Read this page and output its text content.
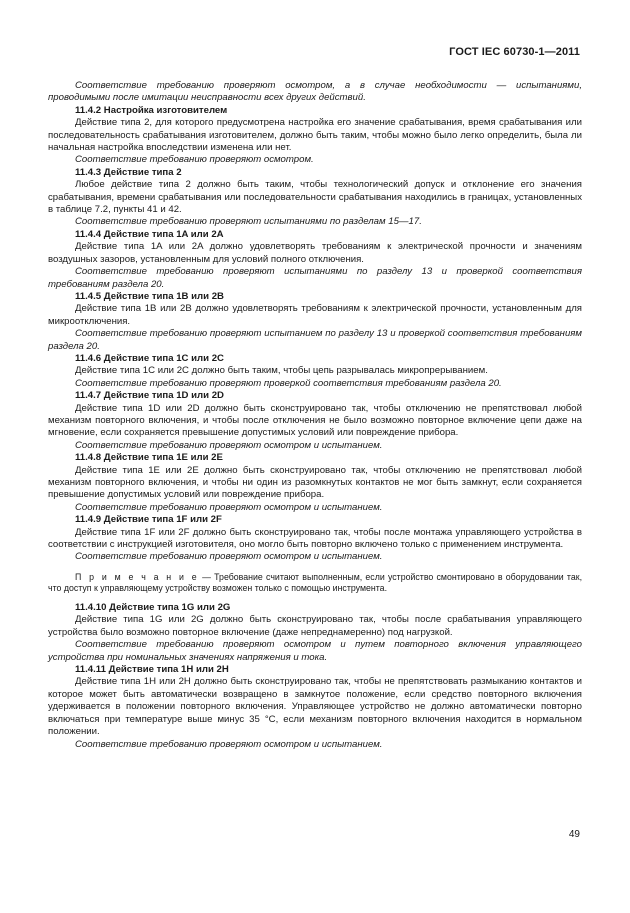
ГОСТ IEC 60730-1—2011

Соответствие требованию проверяют осмотром, а в случае необходимости — испытаниями, проводимыми после имитации неисправности всех других действий.

11.4.2 Настройка изготовителем

Действие типа 2, для которого предусмотрена настройка его значение срабатывания, время срабатывания или последовательность срабатывания изготовителем, должно быть таким, чтобы можно было легко определить, была ли начальная настройка впоследствии изменена или нет.

Соответствие требованию проверяют осмотром.

11.4.3 Действие типа 2

Любое действие типа 2 должно быть таким, чтобы технологический допуск и отклонение его значения срабатывания, времени срабатывания или последовательности срабатывания находились в границах, установленных в таблице 7.2, пункты 41 и 42.

Соответствие требованию проверяют испытаниями по разделам 15—17.

11.4.4 Действие типа 1A или 2A

Действие типа 1A или 2A должно удовлетворять требованиям к электрической прочности и значениям воздушных зазоров, установленным для условий полного отключения.

Соответствие требованию проверяют испытаниями по разделу 13 и проверкой соответствия требованиям раздела 20.

11.4.5 Действие типа 1B или 2B

Действие типа 1B или 2B должно удовлетворять требованиям к электрической прочности, установленным для микроотключения.

Соответствие требованию проверяют испытанием по разделу 13 и проверкой соответствия требованиям раздела 20.

11.4.6 Действие типа 1C или 2C

Действие типа 1C или 2C должно быть таким, чтобы цепь разрывалась микропрерыванием.

Соответствие требованию проверяют проверкой соответствия требованиям раздела 20.

11.4.7 Действие типа 1D или 2D

Действие типа 1D или 2D должно быть сконструировано так, чтобы отключению не препятствовал любой механизм повторного включения, и чтобы после отключения не было возможно повторное включение цепи даже на мгновение, если сохраняется превышение допустимых условий или повреждение прибора.

Соответствие требованию проверяют осмотром и испытанием.

11.4.8 Действие типа 1E или 2E

Действие типа 1E или 2E должно быть сконструировано так, чтобы отключению не препятствовал любой механизм повторного включения, и чтобы ни один из разомкнутых контактов не мог быть замкнут, если сохраняется превышение допустимых условий или повреждение прибора.

Соответствие требованию проверяют осмотром и испытанием.

11.4.9 Действие типа 1F или 2F

Действие типа 1F или 2F должно быть сконструировано так, чтобы после монтажа управляющего устройства в соответствии с инструкцией изготовителя, оно могло быть повторно включено только с применением инструмента.

Соответствие требованию проверяют осмотром и испытанием.

П р и м е ч а н и е — Требование считают выполненным, если устройство смонтировано в оборудовании так, что доступ к управляющему устройству возможен только с помощью инструмента.

11.4.10 Действие типа 1G или 2G

Действие типа 1G или 2G должно быть сконструировано так, чтобы после срабатывания управляющего устройства было возможно повторное включение (даже непреднамеренно) под нагрузкой.

Соответствие требованию проверяют осмотром и путем повторного включения управляющего устройства при номинальных значениях напряжения и тока.

11.4.11 Действие типа 1H или 2H

Действие типа 1H или 2H должно быть сконструировано так, чтобы не препятствовать размыканию контактов и которое может быть автоматически возвращено в замкнутое положение, если средство повторного включения удерживается в положении повторного включения. Управляющее устройство не должно автоматически повторно включаться при температуре выше минус 35 °С, если механизм повторного включения находится в нормальном положении.

Соответствие требованию проверяют осмотром и испытанием.

49
